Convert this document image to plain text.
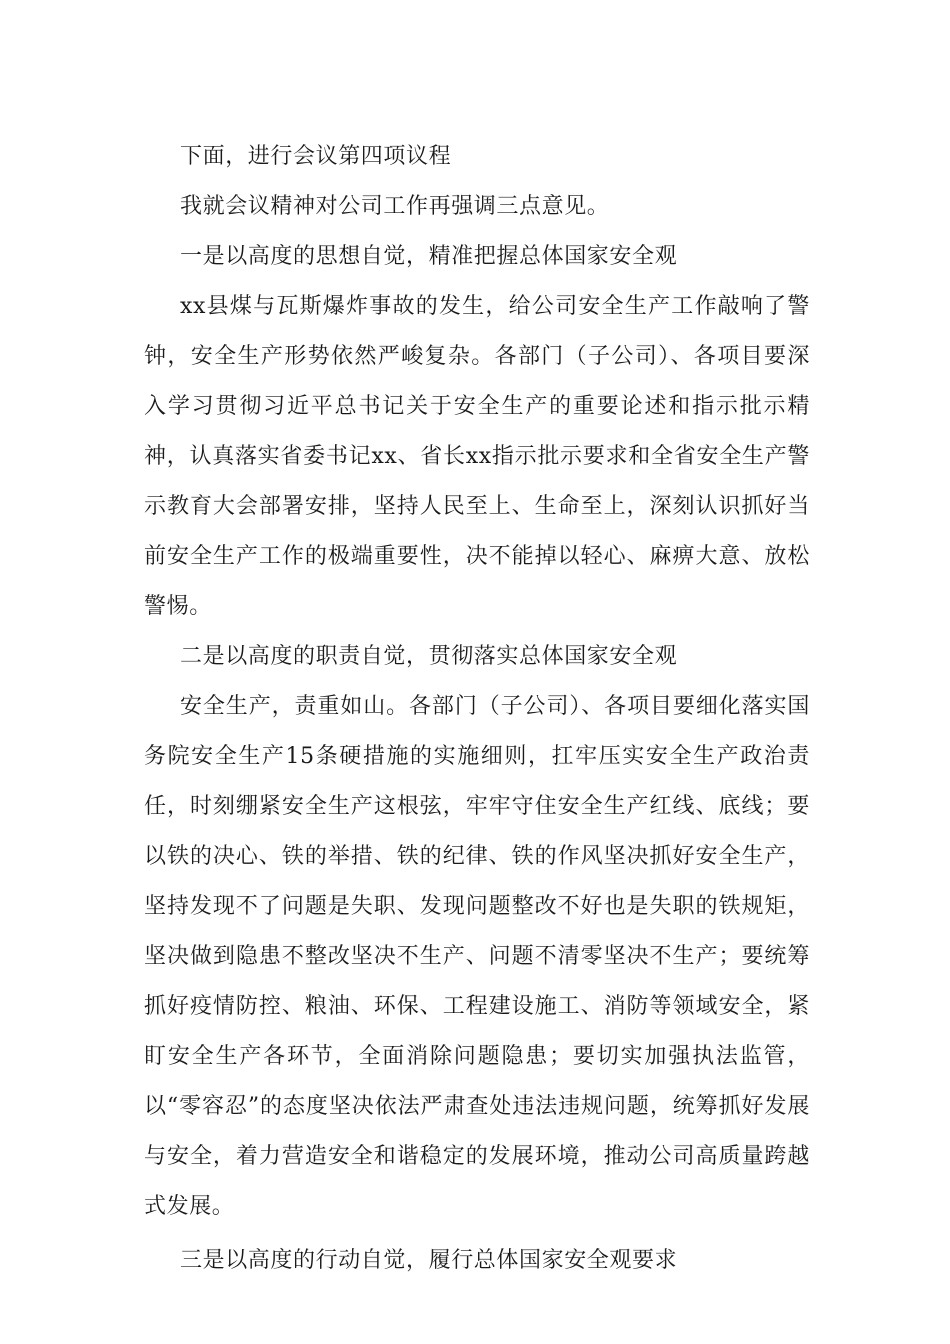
下面，进行会议第四项议程

我就会议精神对公司工作再强调三点意见。

一是以高度的思想自觉，精准把握总体国家安全观

xx县煤与瓦斯爆炸事故的发生，给公司安全生产工作敲响了警钟，安全生产形势依然严峻复杂。各部门（子公司）、各项目要深入学习贯彻习近平总书记关于安全生产的重要论述和指示批示精神，认真落实省委书记xx、省长xx指示批示要求和全省安全生产警示教育大会部署安排，坚持人民至上、生命至上，深刻认识抓好当前安全生产工作的极端重要性，决不能掉以轻心、麻痹大意、放松警惕。

二是以高度的职责自觉，贯彻落实总体国家安全观

安全生产，责重如山。各部门（子公司）、各项目要细化落实国务院安全生产15条硬措施的实施细则，扛牢压实安全生产政治责任，时刻绷紧安全生产这根弦，牢牢守住安全生产红线、底线；要以铁的决心、铁的举措、铁的纪律、铁的作风坚决抓好安全生产，坚持发现不了问题是失职、发现问题整改不好也是失职的铁规矩，坚决做到隐患不整改坚决不生产、问题不清零坚决不生产；要统筹抓好疫情防控、粮油、环保、工程建设施工、消防等领域安全，紧盯安全生产各环节，全面消除问题隐患；要切实加强执法监管，以“零容忍”的态度坚决依法严肃查处违法违规问题，统筹抓好发展与安全，着力营造安全和谐稳定的发展环境，推动公司高质量跨越式发展。

三是以高度的行动自觉，履行总体国家安全观要求
